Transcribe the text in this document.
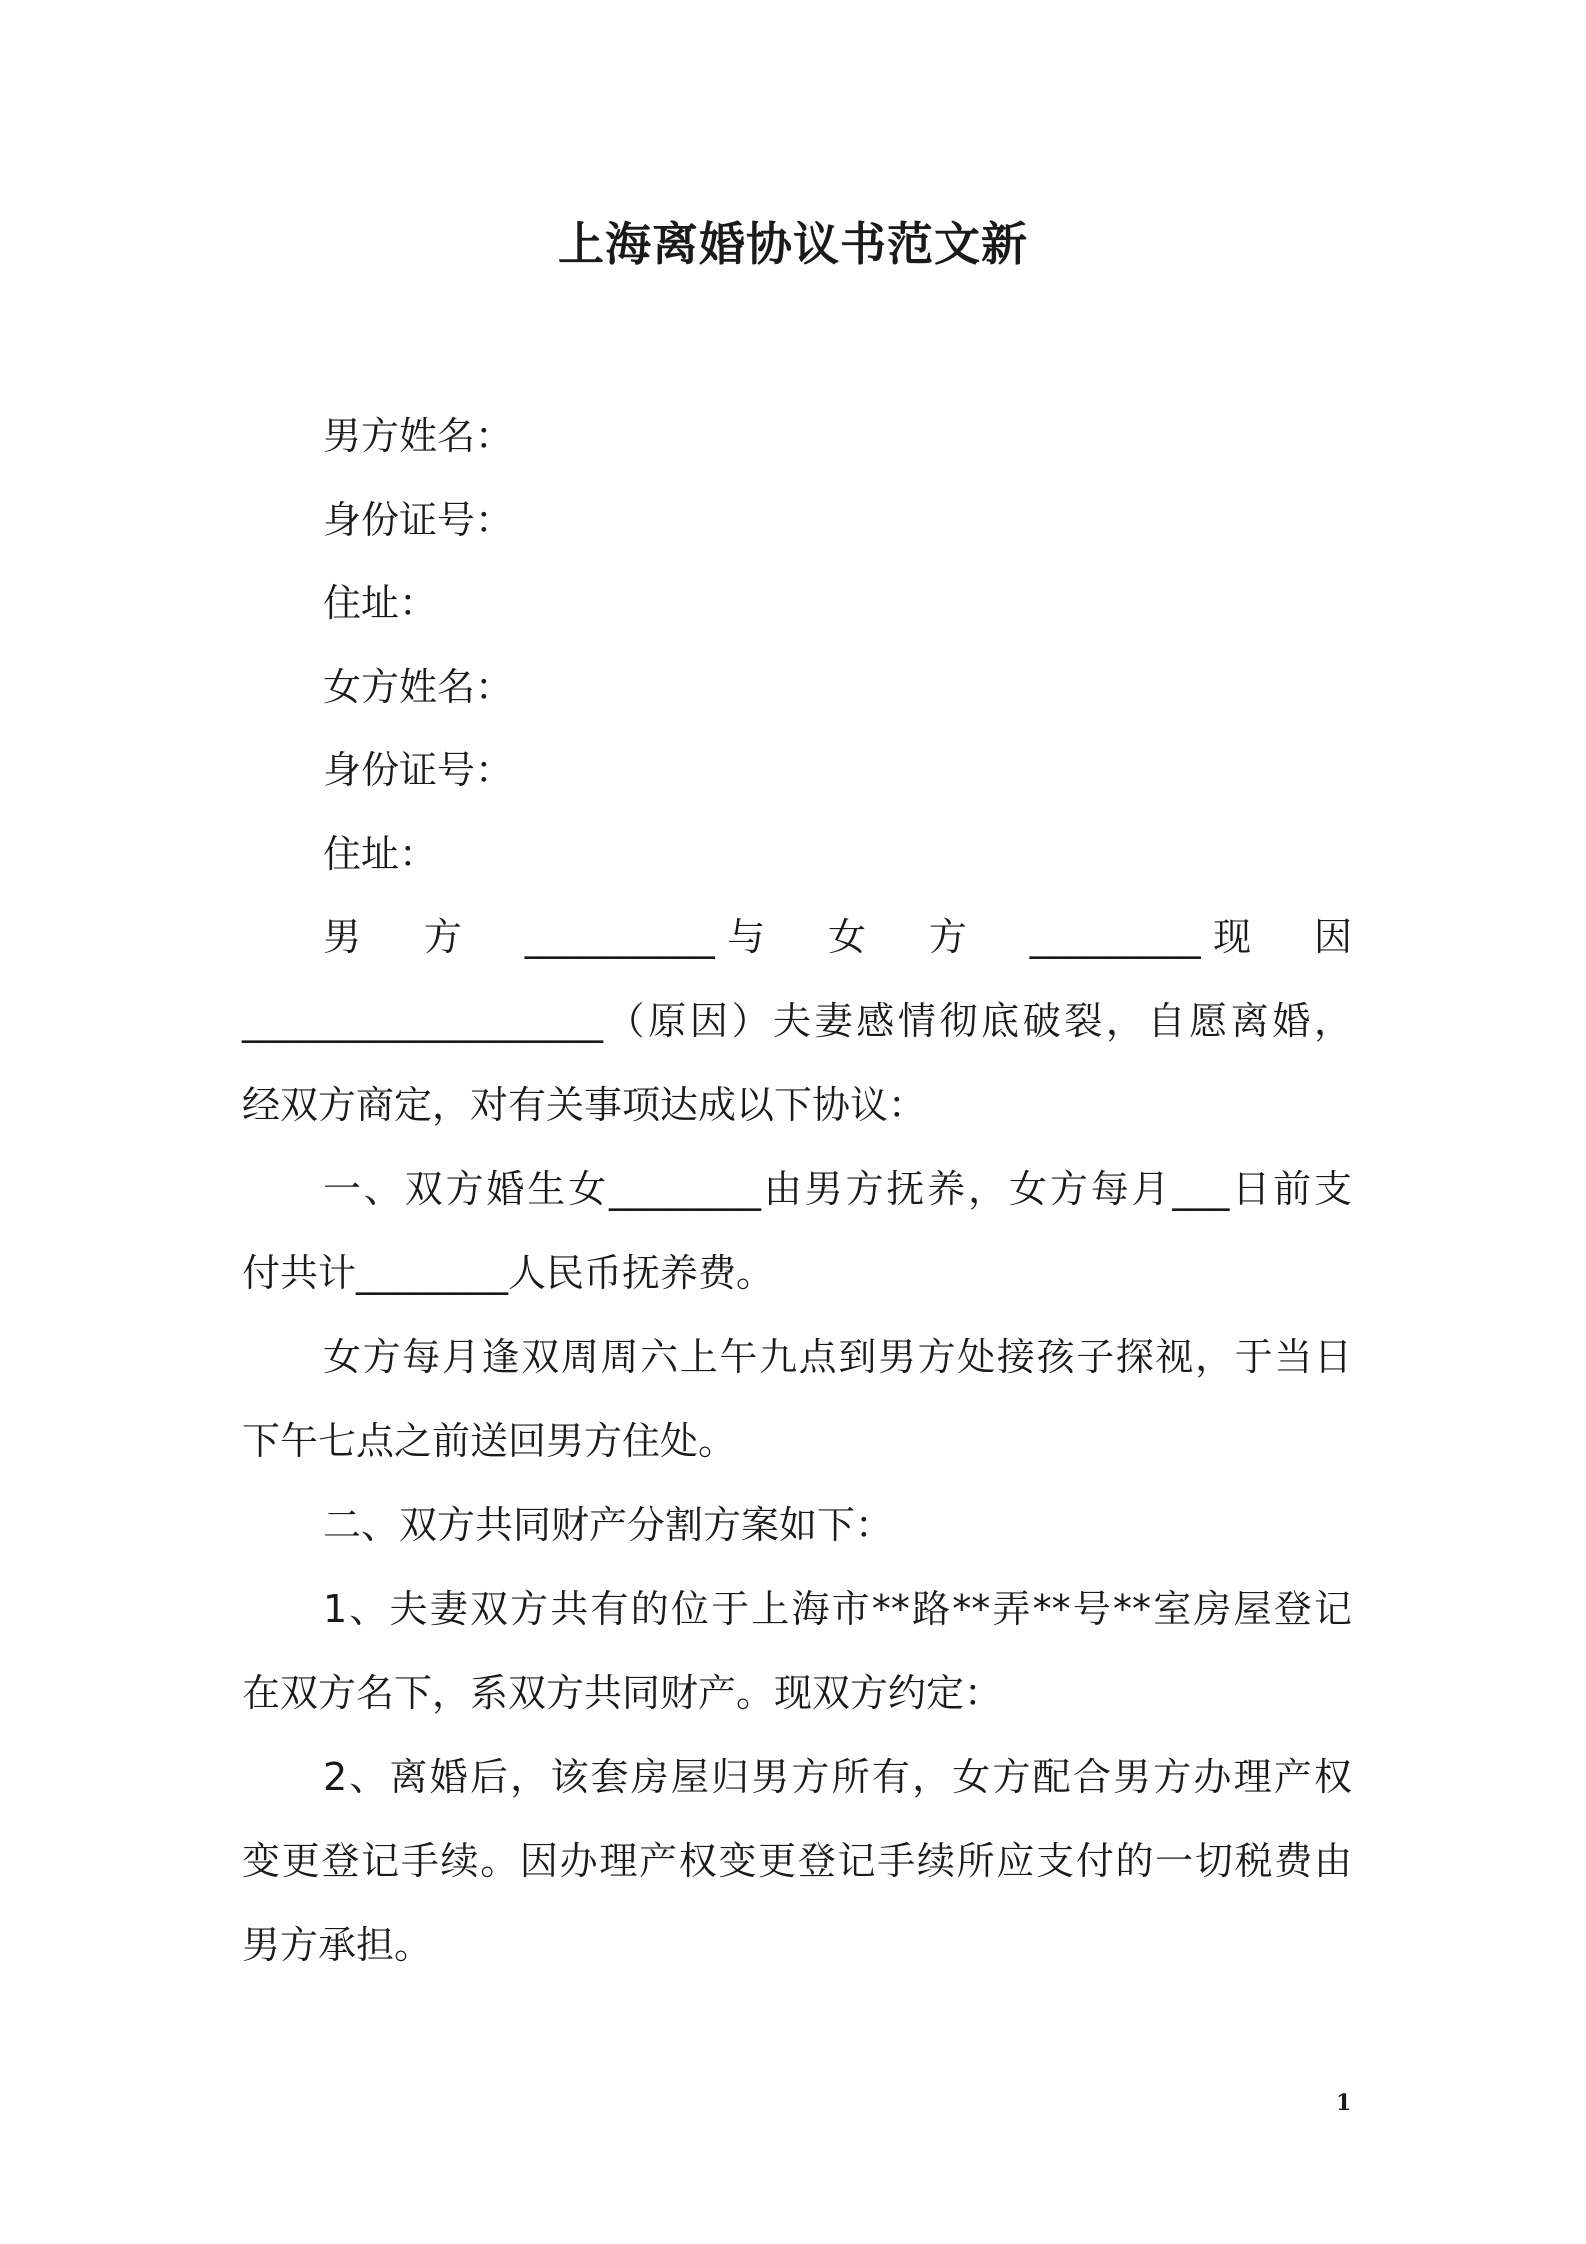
上海离婚协议书范文新
男方姓名：
身份证号：
住址：
女方姓名：
身份证号：
住址：
男　方　__________与　女　方　_________现　因
___________________（原因）夫妻感情彻底破裂，自愿离婚，
经双方商定，对有关事项达成以下协议：
一、双方婚生女________由男方抚养，女方每月___日前支
付共计________人民币抚养费。
女方每月逢双周周六上午九点到男方处接孩子探视，于当日
下午七点之前送回男方住处。
二、双方共同财产分割方案如下：
1、夫妻双方共有的位于上海市**路**弄**号**室房屋登记
在双方名下，系双方共同财产。现双方约定：
2、离婚后，该套房屋归男方所有，女方配合男方办理产权
变更登记手续。因办理产权变更登记手续所应支付的一切税费由
男方承担。
1
